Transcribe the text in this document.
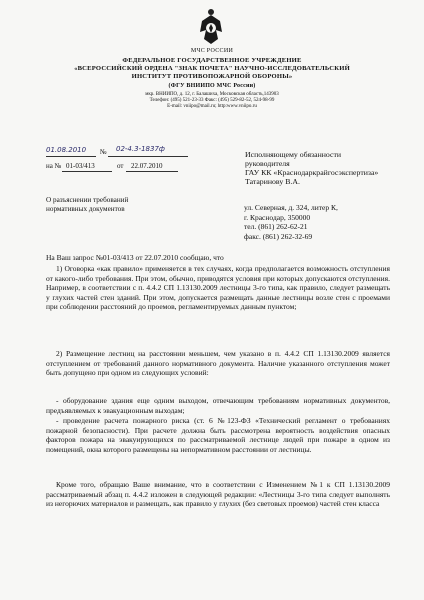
МЧС РОССИИ
ФЕДЕРАЛЬНОЕ ГОСУДАРСТВЕННОЕ УЧРЕЖДЕНИЕ
«ВСЕРОССИЙСКИЙ ОРДЕНА "ЗНАК ПОЧЕТА" НАУЧНО-ИССЛЕДОВАТЕЛЬСКИЙ
ИНСТИТУТ ПРОТИВОПОЖАРНОЙ ОБОРОНЫ»
(ФГУ ВНИИПО МЧС России)
мкр. ВНИИПО, д. 12, г. Балашиха, Московская область,143903
Телефон: (495) 521-23-33 Факс: (495) 529-82-52, 524-98-99
E-mail: vniipo@mail.ru; http:www.vniipo.ru
01.08.2010 № 02-4.3-1837ф
на № 01-03/413	от 22.07.2010
Исполняющему обязанности
руководителя
ГАУ КК «Краснодаркрайгосэкспертиза»
Татаринову В.А.
О разъяснении требований
нормативных документов	ул. Северная, д. 324, литер К,
г. Краснодар, 350000
тел. (861) 262-62-21
факс. (861) 262-32-69
На Ваш запрос №01-03/413 от 22.07.2010 сообщаю, что
1) Оговорка «как правило» применяется в тех случаях, когда предполагается возможность отступления от какого-либо требования. При этом, обычно, приводятся условия при которых допускаются отступления. Например, в соответствии с п. 4.4.2 СП 1.13130.2009 лестницы 3-го типа, как правило, следует размещать у глухих частей стен зданий. При этом, допускается размещать данные лестницы возле стен с проемами при соблюдении расстояний до проемов, регламентируемых данным пунктом;
2) Размещение лестниц на расстоянии меньшем, чем указано в п. 4.4.2 СП 1.13130.2009 является отступлением от требований данного нормативного документа. Наличие указанного отступления может быть допущено при одном из следующих условий:
- оборудование здания еще одним выходом, отвечающим требованиям нормативных документов, предъявляемых к эвакуационным выходам;
- проведение расчета пожарного риска (ст. 6 №123-ФЗ «Технический регламент о требованиях пожарной безопасности). При расчете должна быть рассмотрена вероятность воздействия опасных факторов пожара на эвакуирующихся по рассматриваемой лестнице людей при пожаре в одном из помещений, окна которого размещены на непормативном расстоянии от лестницы.
Кроме того, обращаю Ваше внимание, что в соответствии с Изменением №1 к СП 1.13130.2009 рассматриваемый абзац п. 4.4.2 изложен в следующей редакции: «Лестницы 3-го типа следует выполнять из негорючих материалов и размещать, как правило у глухих (без световых проемов) частей стен класса
